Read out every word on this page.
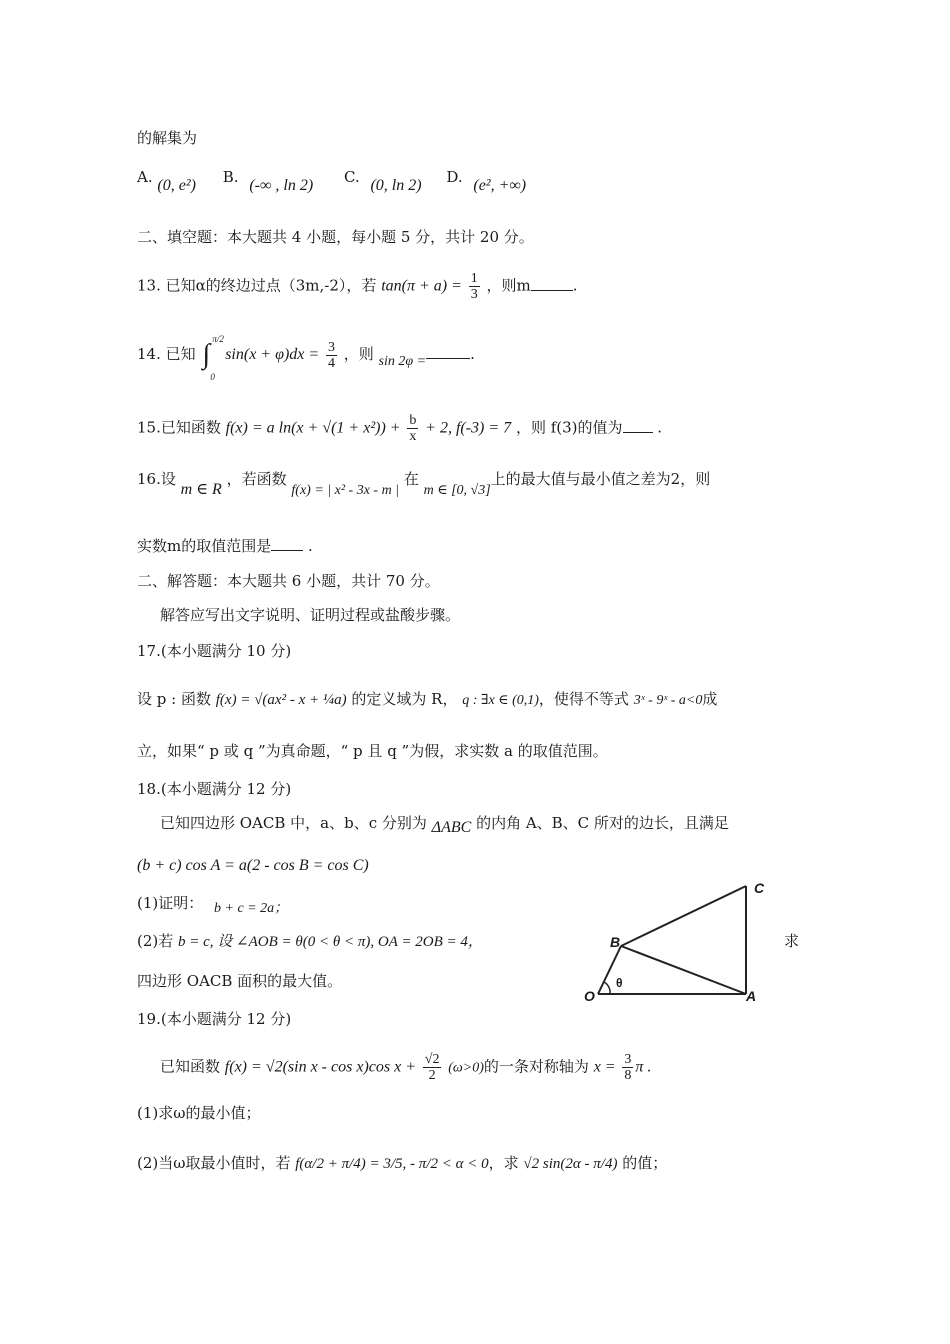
的解集为
A. (0, e²) B. (-∞ , ln 2) C. (0, ln 2) D. (e², +∞)
二、填空题：本大题共 4 小题，每小题 5 分，共计 20 分。
13. 已知α的终边过点（3m,-2），若 $\tan(\pi + a) = \frac{1}{3}$ ，则m	.
14. 已知 ∫ π/2
0
$\sin(x + \varphi)dx = \frac{3}{4}$ ，则 sin 2φ =	.
15.已知函数 f(x) = a $\ln(x + √(1 + x^2)) + \frac{b}{x} + 2$, f(-3) = 7 ，则 f(3)的值为 .
16.设 m ∈ R ，若函数 f(x) = | x² - 3x - m | 在 m ∈ [0, √3]上的最大值与最小值之差为2，则
实数m的取值范围是 .
二、解答题：本大题共 6 小题，共计 70 分。
解答应写出文字说明、证明过程或盐酸步骤。
17.(本小题满分 10 分)
设 p : 函数 f(x) = √(ax² - x + ¼a) 的定义域为 R， q : ∃x ∈ (0,1)，使得不等式 3ˣ - 9ˣ - a<0成
立，如果“ p 或 q ”为真命题，“ p 且 q ”为假，求实数 a 的取值范围。
18.(本小题满分 12 分)
已知四边形 OACB 中，a、b、c 分别为 ΔABC 的内角 A、B、C 所对的边长，且满足
(b + c) cos A = a(2 - cos B = cos C)
(1)证明： b + c = 2a；
(2)若 b = c, 设 ∠AOB = θ(0 < θ < π), OA = 2OB = 4，	求
四边形 OACB 面积的最大值。
C
B
O	A
θ
19.(本小题满分 12 分)
已知函数 f(x) = √2(sin x - cos x)cos $x + \frac{√2}{2} (\omega>0)$的一条对称轴为 $x = \frac{3}{8}$ π .
(1)求ω的最小值；
(2)当ω取最小值时，若 f(α/2 + π/4) = 3/5, - π/2 < α < 0，求 √2 sin(2α - π/4) 的值；
